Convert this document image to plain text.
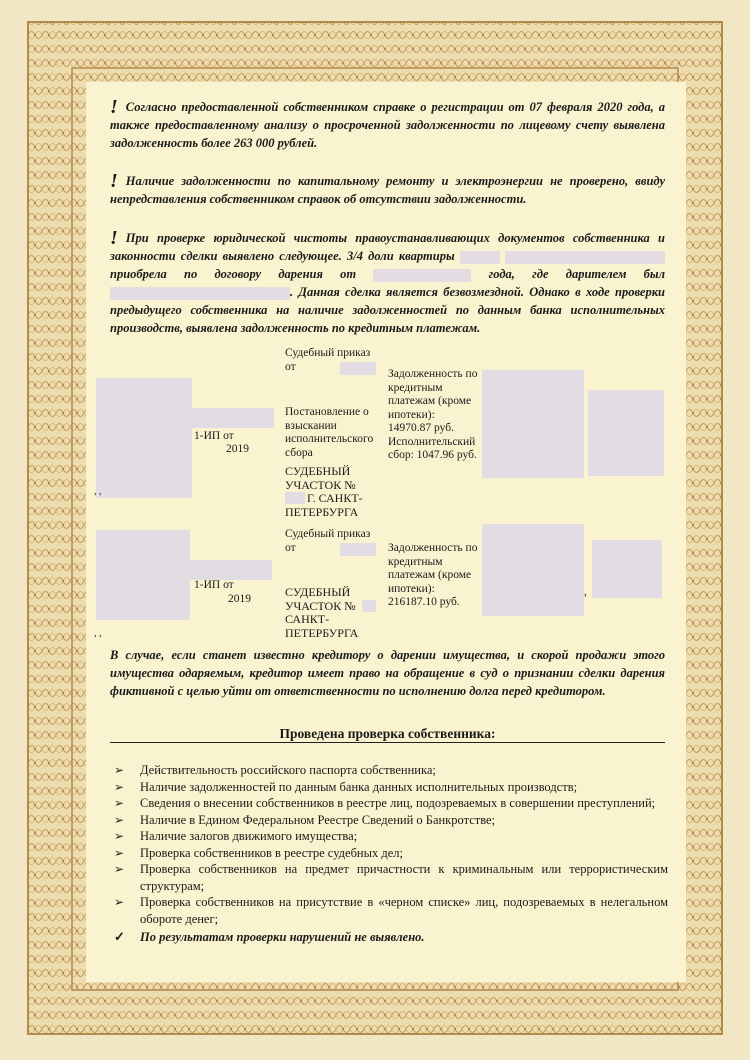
! Согласно предоставленной собственником справке о регистрации от 07 февраля 2020 года, а также предоставленному анализу о просроченной задолженности по лицевому счету выявлена задолженность более 263 000 рублей.
! Наличие задолженности по капитальному ремонту и электроэнергии не проверено, ввиду непредставления собственником справок об отсутствии задолженности.
! При проверке юридической чистоты правоустанавливающих документов собственника и законности сделки выявлено следующее. 3/4 доли квартиры   приобрела по договору дарения от	года, где дарителем был . Данная сделка является безвозмездной. Однако в ходе проверки предыдущего собственника на наличие задолженностей по данным банка исполнительных производств, выявлена задолженность по кредитным платежам.
1-ИП от
2019
, ,
Судебный приказ от
Постановление о взыскании исполнительского сбора
СУДЕБНЫЙ УЧАСТОК №
Г. САНКТ-ПЕТЕРБУРГА
Задолженность по кредитным платежам (кроме ипотеки): 14970.87 руб. Исполнительский сбор: 1047.96 руб.
1-ИП от
2019
, ,
Судебный приказ от
СУДЕБНЫЙ УЧАСТОК №
САНКТ-ПЕТЕРБУРГА
Задолженность по кредитным платежам (кроме ипотеки): 216187.10 руб.
,
В случае, если станет известно кредитору о дарении имущества, и скорой продажи этого имущества одаряемым, кредитор имеет право на обращение в суд о признании сделки дарения фиктивной с целью уйти от ответственности по исполнению долга перед кредитором.
Проведена проверка собственника:
➢ Действительность российского паспорта собственника;
➢ Наличие задолженностей по данным банка данных исполнительных производств;
➢ Сведения о внесении собственников в реестре лиц, подозреваемых в совершении преступлений;
➢ Наличие в Едином Федеральном Реестре Сведений о Банкротстве;
➢ Наличие залогов движимого имущества;
➢ Проверка собственников в реестре судебных дел;
➢ Проверка собственников на предмет причастности к криминальным или террористическим структурам;
➢ Проверка собственников на присутствие в «черном списке» лиц, подозреваемых в нелегальном обороте денег;
✓ По результатам проверки нарушений не выявлено.
